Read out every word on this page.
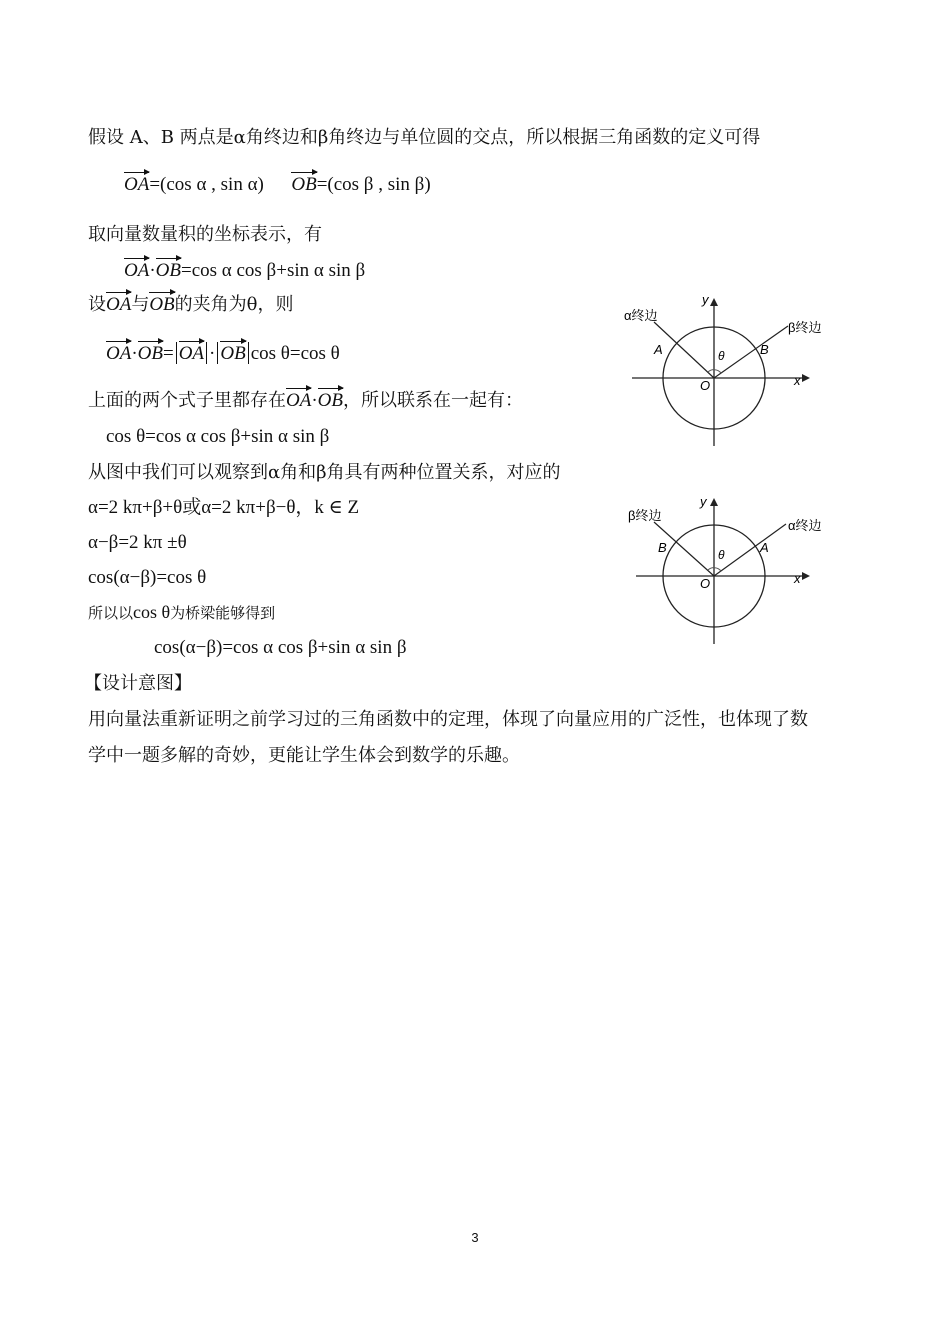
假设 A、B 两点是α角终边和β角终边与单位圆的交点，所以根据三角函数的定义可得
OA=(cos α , sin α) OB=(cos β , sin β)
取向量数量积的坐标表示，有
OA·OB=cos α cos β+sin α sin β
设OA与OB的夹角为θ，则
OA·OB= OA · OB cos θ=cos θ
上面的两个式子里都存在OA·OB，所以联系在一起有：
cos θ=cos α cos β+sin α sin β
从图中我们可以观察到α角和β角具有两种位置关系，对应的
α=2 kπ+β+θ或α=2 kπ+β−θ，k ∈ Z
α−β=2 kπ ±θ
cos(α−β)=cos θ
所以以cos θ为桥梁能够得到
cos(α−β)=cos α cos β+sin α sin β
【设计意图】
用向量法重新证明之前学习过的三角函数中的定理，体现了向量应用的广泛性，也体现了数
学中一题多解的奇妙，更能让学生体会到数学的乐趣。
y
x
O
A	B
θ
α终边
β终边
y
x
O
A
B	θ
β终边
α终边
3
